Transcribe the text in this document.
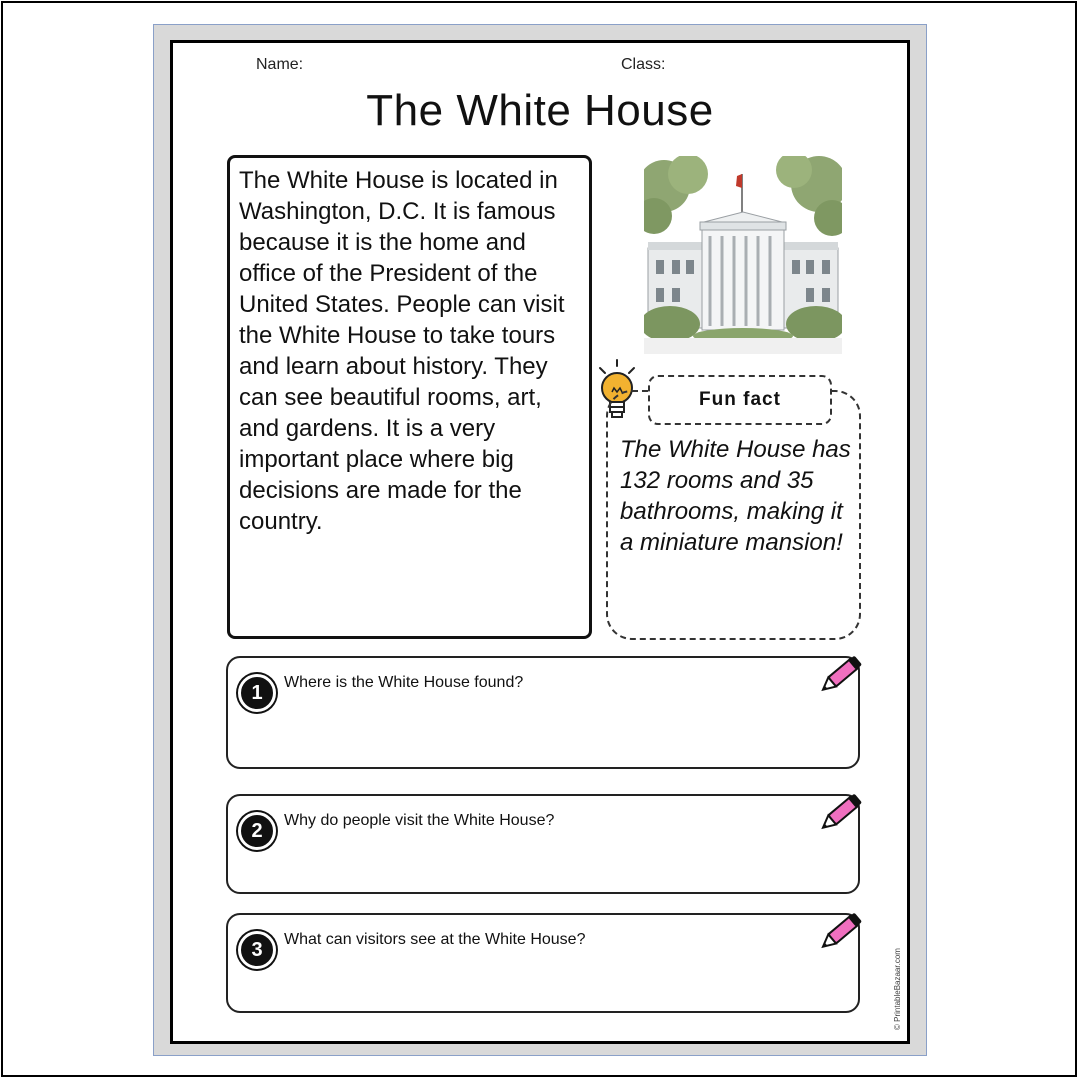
Name:	Class:
The White House
The White House is located in Washington, D.C. It is famous because it is the home and office of the President of the United States. People can visit the White House to take tours and learn about history. They can see beautiful rooms, art, and gardens. It is a very important place where big decisions are made for the country.
The White House has 132 rooms and 35 bathrooms, making it a miniature mansion!
Fun fact
1	Where is the White House found?
2	Why do people visit the White House?
3	What can visitors see at the White House?
© PrintableBazaar.com
